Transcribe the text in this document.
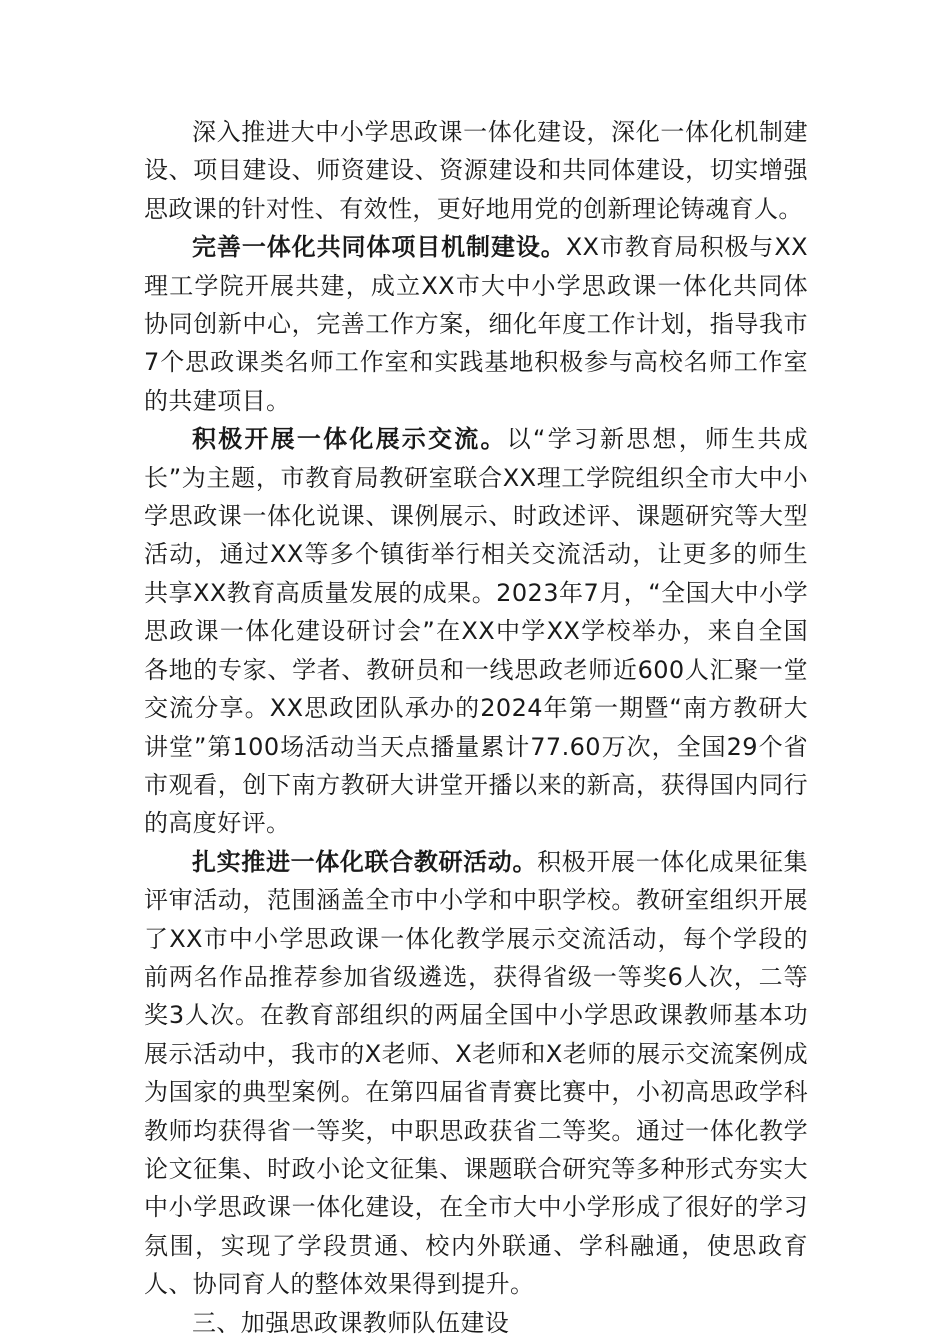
深入推进大中小学思政课一体化建设，深化一体化机制建设、项目建设、师资建设、资源建设和共同体建设，切实增强思政课的针对性、有效性，更好地用党的创新理论铸魂育人。

完善一体化共同体项目机制建设。XX市教育局积极与XX理工学院开展共建，成立XX市大中小学思政课一体化共同体协同创新中心，完善工作方案，细化年度工作计划，指导我市7个思政课类名师工作室和实践基地积极参与高校名师工作室的共建项目。

积极开展一体化展示交流。以“学习新思想，师生共成长”为主题，市教育局教研室联合XX理工学院组织全市大中小学思政课一体化说课、课例展示、时政述评、课题研究等大型活动，通过XX等多个镇街举行相关交流活动，让更多的师生共享XX教育高质量发展的成果。2023年7月，“全国大中小学思政课一体化建设研讨会”在XX中学XX学校举办，来自全国各地的专家、学者、教研员和一线思政老师近600人汇聚一堂交流分享。XX思政团队承办的2024年第一期暨“南方教研大讲堂”第100场活动当天点播量累计77.60万次，全国29个省市观看，创下南方教研大讲堂开播以来的新高，获得国内同行的高度好评。

扎实推进一体化联合教研活动。积极开展一体化成果征集评审活动，范围涵盖全市中小学和中职学校。教研室组织开展了XX市中小学思政课一体化教学展示交流活动，每个学段的前两名作品推荐参加省级遴选，获得省级一等奖6人次，二等奖3人次。在教育部组织的两届全国中小学思政课教师基本功展示活动中，我市的X老师、X老师和X老师的展示交流案例成为国家的典型案例。在第四届省青赛比赛中，小初高思政学科教师均获得省一等奖，中职思政获省二等奖。通过一体化教学论文征集、时政小论文征集、课题联合研究等多种形式夯实大中小学思政课一体化建设，在全市大中小学形成了很好的学习氛围，实现了学段贯通、校内外联通、学科融通，使思政育人、协同育人的整体效果得到提升。

三、加强思政课教师队伍建设
